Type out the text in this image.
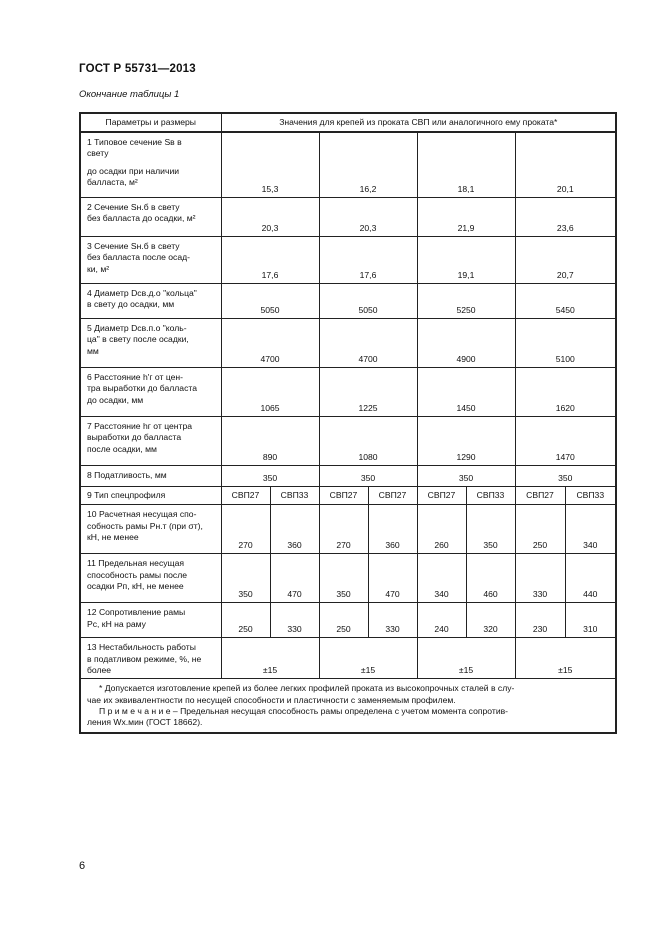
ГОСТ Р 55731—2013
Окончание таблицы 1
Параметры и размеры	Значения для крепей из проката СВП или аналогичного ему проката*							

1 Типовое сечение Sв в
свету
до осадки при наличии
баллаcта, м²	15,3		16,2		18,1		20,1	

2 Сечение Sн.б в свету
без балласта до осадки, м²	20,3		20,3		21,9		23,6	

3 Сечение Sн.б в свету
без балласта после осад-
ки, м²	17,6		17,6		19,1		20,7	

4 Диаметр Dсв.д.о "кольца"
в свету до осадки, мм	5050		5050		5250		5450	

5 Диаметр Dсв.п.о "коль-
ца" в свету после осадки,
мм	4700		4700		4900		5100	

6 Расстояние h'г от цен-
тра выработки до балласта
до осадки, мм	1065		1225		1450		1620	

7 Расстояние hг от центра
выработки до балласта
после осадки, мм	890		1080		1290		1470	

8 Податливость, мм	350		350		350		350	
9 Тип спецпрофиля	СВП27	СВП33	СВП27	СВП27	СВП27	СВП33	СВП27	СВП33

10 Расчетная несущая спо-
собность рамы Pн.т (при σт),
кН, не менее	270	360	270	360	260	350	250	340

11 Предельная несущая
способность рамы после
осадки Pп, кН, не менее	350	470	350	470	340	460	330	440

12 Сопротивление рамы
Pс, кН на раму	250	330	250	330	240	320	230	310

13 Нестабильность работы
в податливом режиме, %, не
более	±15		±15		±15		±15	

* Допускается изготовление крепей из более легких профилей проката из высокопрочных сталей в слу-
чае их эквивалентности по несущей способности и пластичности с заменяемым профилем.
П р и м е ч а н и е – Предельная несущая способность рамы определена с учетом момента сопротив-
ления Wх.мин (ГОСТ 18662).								
6
